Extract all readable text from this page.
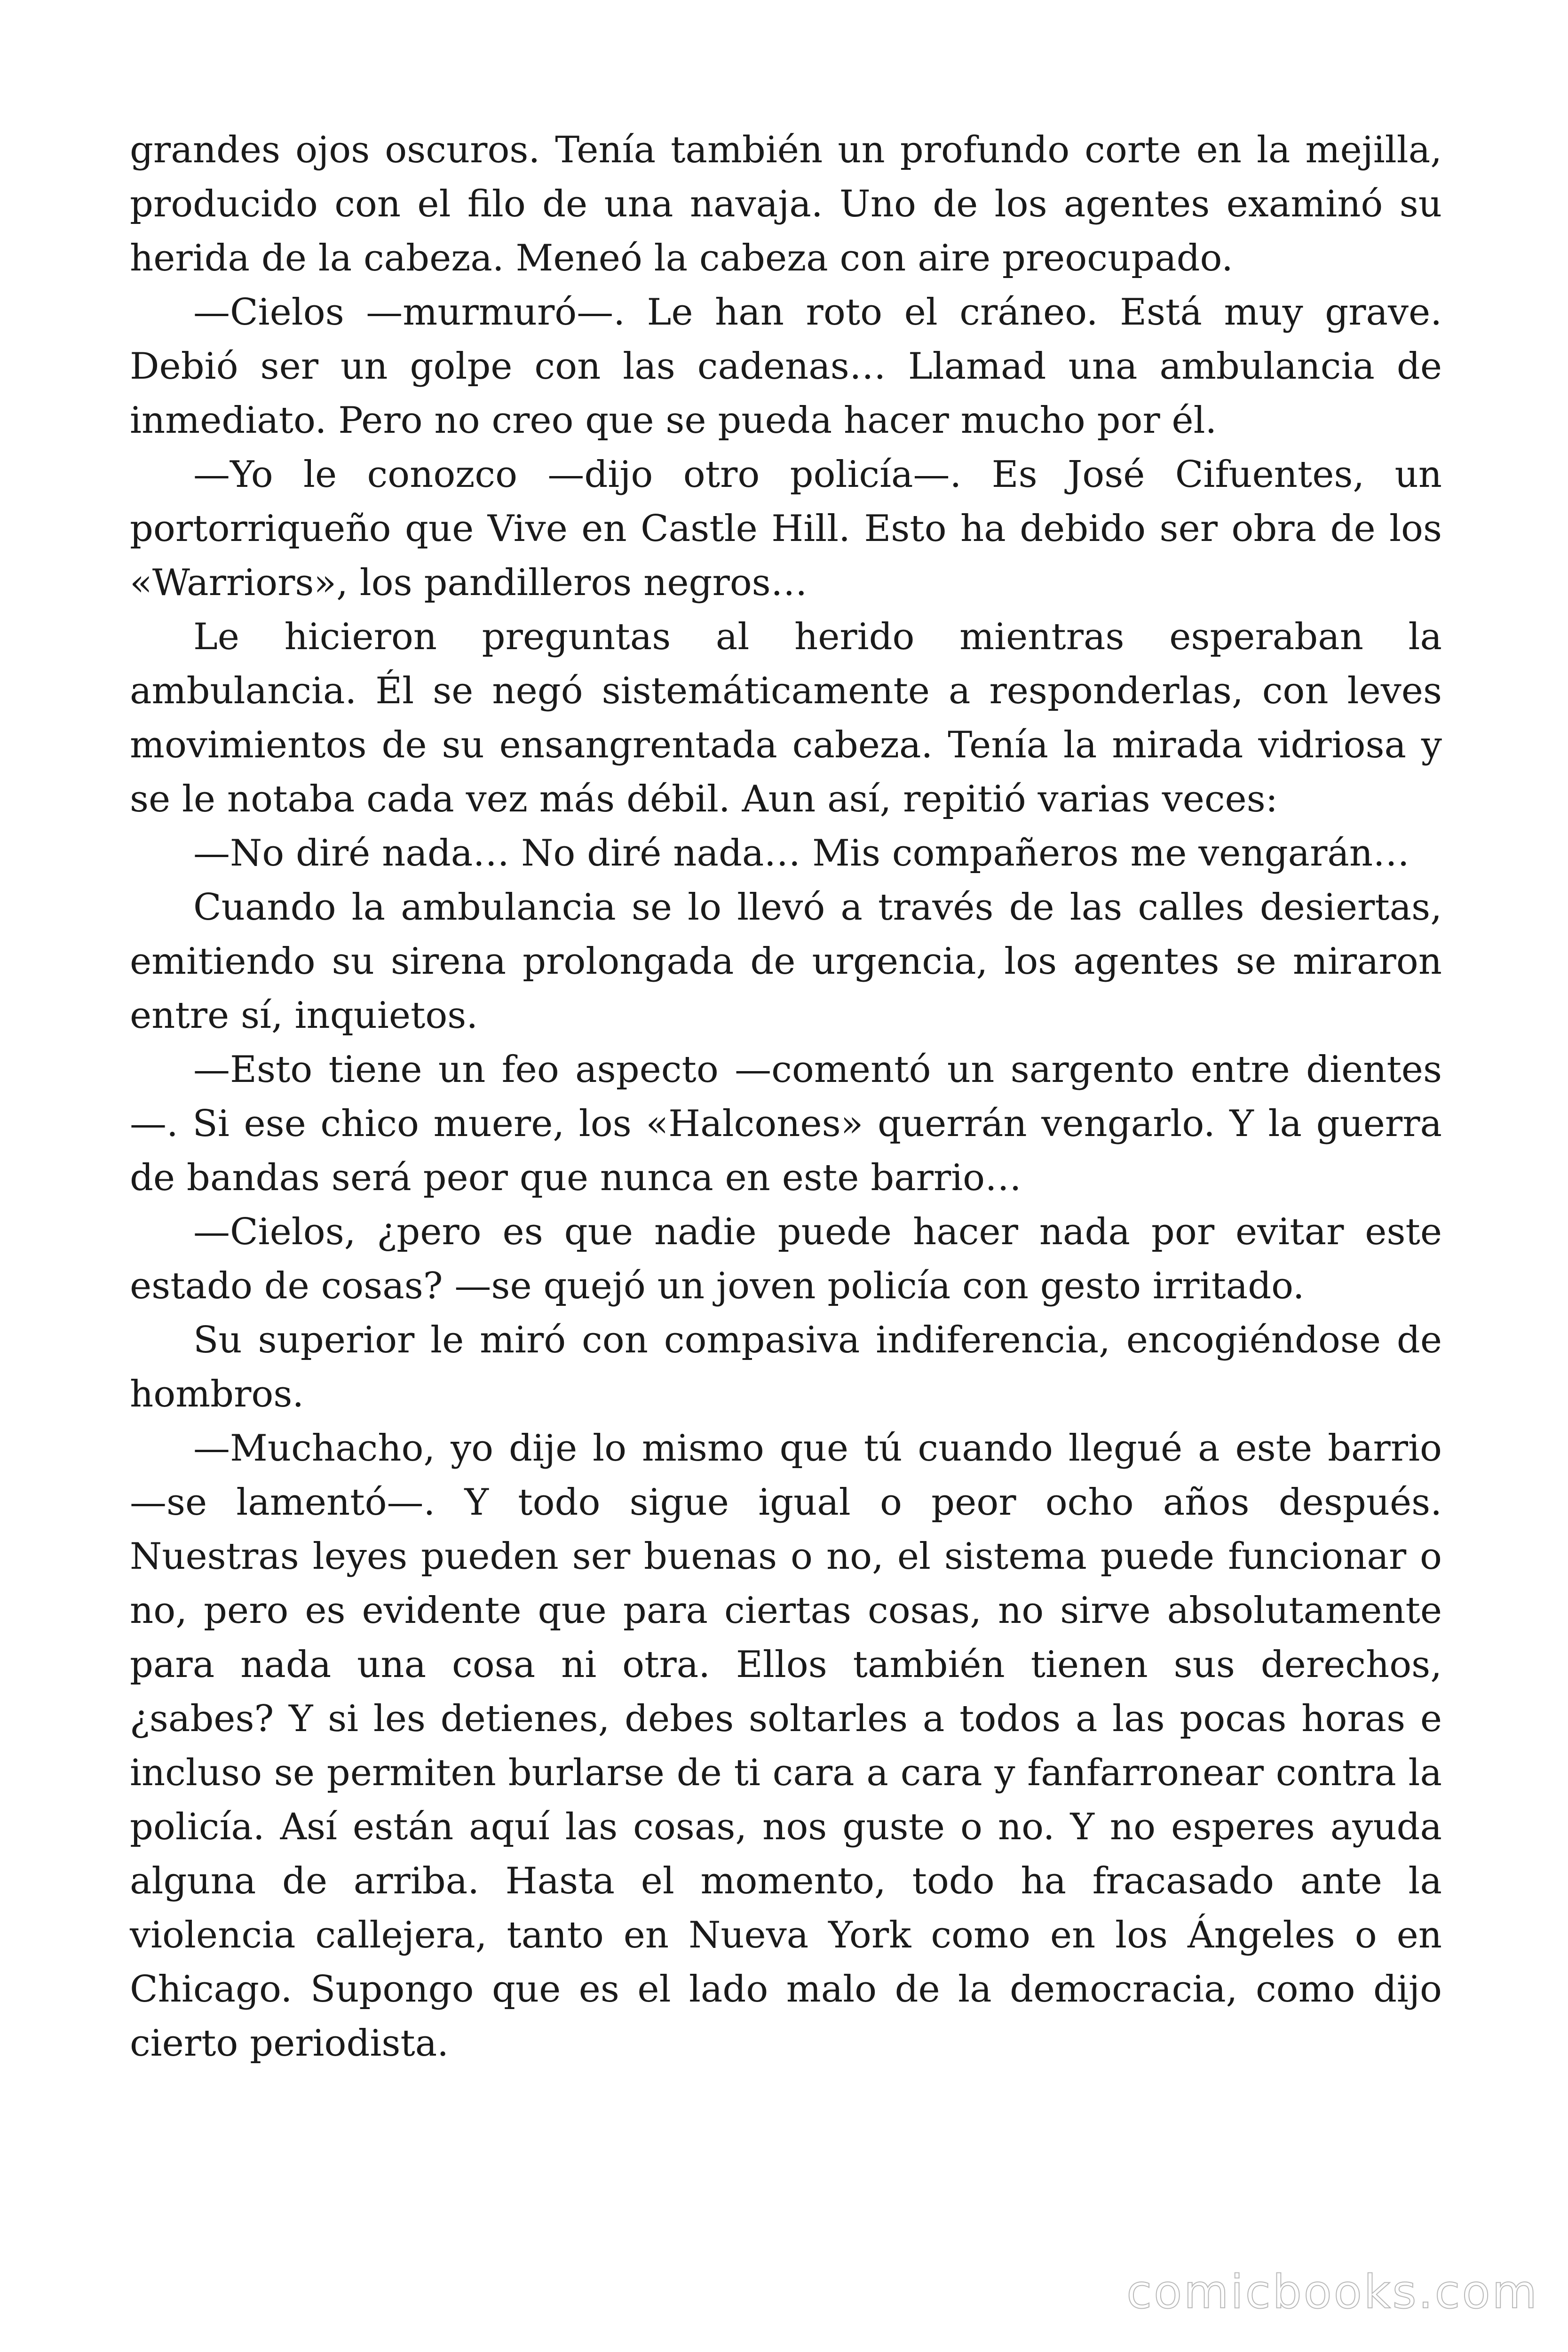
grandes ojos oscuros. Tenía también un profundo corte en la mejilla, producido con el filo de una navaja. Uno de los agentes examinó su herida de la cabeza. Meneó la cabeza con aire preocupado.

—Cielos —murmuró—. Le han roto el cráneo. Está muy grave. Debió ser un golpe con las cadenas… Llamad una ambulancia de inmediato. Pero no creo que se pueda hacer mucho por él.

—Yo le conozco —dijo otro policía—. Es José Cifuentes, un portorriqueño que Vive en Castle Hill. Esto ha debido ser obra de los «Warriors», los pandilleros negros…

Le hicieron preguntas al herido mientras esperaban la ambulancia. Él se negó sistemáticamente a responderlas, con leves movimientos de su ensangrentada cabeza. Tenía la mirada vidriosa y se le notaba cada vez más débil. Aun así, repitió varias veces:

—No diré nada… No diré nada… Mis compañeros me vengarán…

Cuando la ambulancia se lo llevó a través de las calles desiertas, emitiendo su sirena prolongada de urgencia, los agentes se miraron entre sí, inquietos.

—Esto tiene un feo aspecto —comentó un sargento entre dientes —. Si ese chico muere, los «Halcones» querrán vengarlo. Y la guerra de bandas será peor que nunca en este barrio…

—Cielos, ¿pero es que nadie puede hacer nada por evitar este estado de cosas? —se quejó un joven policía con gesto irritado.

Su superior le miró con compasiva indiferencia, encogiéndose de hombros.

—Muchacho, yo dije lo mismo que tú cuando llegué a este barrio —se lamentó—. Y todo sigue igual o peor ocho años después. Nuestras leyes pueden ser buenas o no, el sistema puede funcionar o no, pero es evidente que para ciertas cosas, no sirve absolutamente para nada una cosa ni otra. Ellos también tienen sus derechos, ¿sabes? Y si les detienes, debes soltarles a todos a las pocas horas e incluso se permiten burlarse de ti cara a cara y fanfarronear contra la policía. Así están aquí las cosas, nos guste o no. Y no esperes ayuda alguna de arriba. Hasta el momento, todo ha fracasado ante la violencia callejera, tanto en Nueva York como en los Ángeles o en Chicago. Supongo que es el lado malo de la democracia, como dijo cierto periodista.

comicbooks.com
